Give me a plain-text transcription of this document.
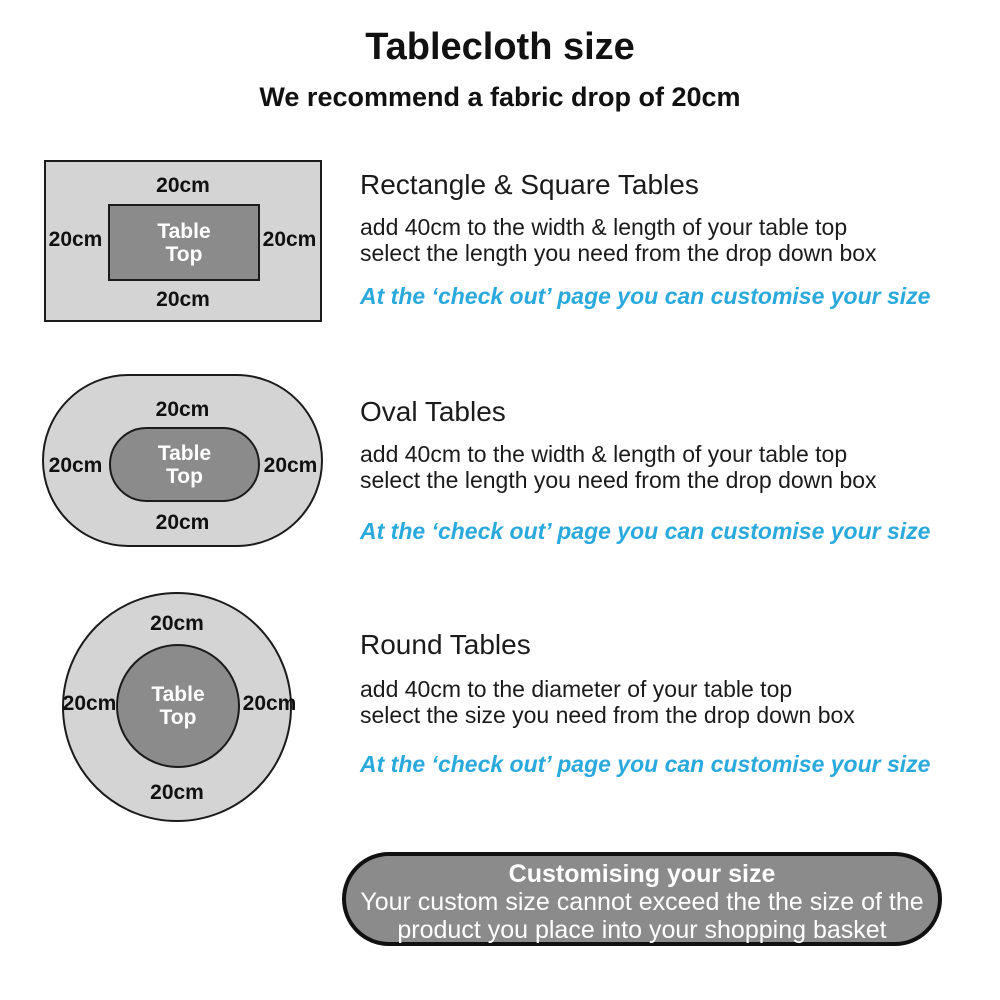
Tablecloth size
We recommend a fabric drop of 20cm
20cm
20cm	20cm
20cm
Table
Top
20cm
20cm	20cm
20cm
Table
Top
20cm
20cm	20cm
20cm
Table
Top
Rectangle & Square Tables
add 40cm to the width & length of your table top
select the length you need from the drop down box
At the ‘check out’ page you can customise your size
Oval Tables
add 40cm to the width & length of your table top
select the length you need from the drop down box
At the ‘check out’ page you can customise your size
Round Tables
add 40cm to the diameter of your table top
select the size you need from the drop down box
At the ‘check out’ page you can customise your size
Customising your size
Your custom size cannot exceed the the size of the
product you place into your shopping basket
